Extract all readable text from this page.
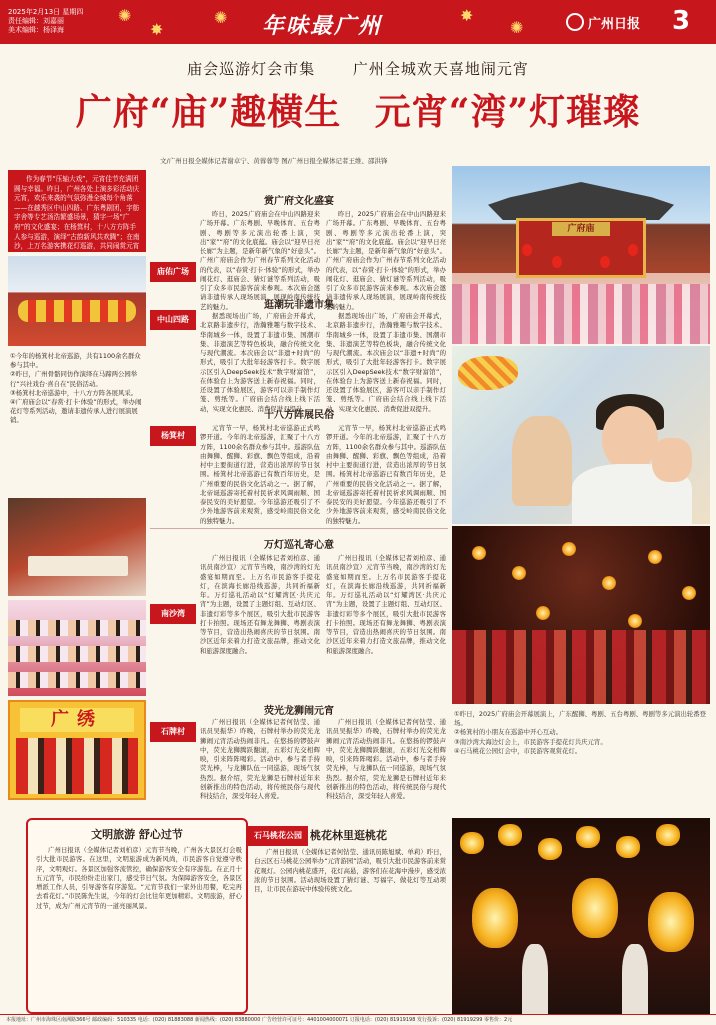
2025年2月13日 星期四
责任编辑：刘嘉丽
美术编辑：杨泽海
✺
✸
✺	✸
✺
年味最广州	广州日报 3
庙会巡游灯会市集	广州全城欢天喜地闹元宵
广府“庙”趣横生 元宵“湾”灯璀璨
文/广州日报全媒体记者谢卓宁、黄蓉蓉等 图/广州日报全媒体记者王维、邵洪锋
作为春节“压轴大戏”，元宵佳节充满团圆与幸福。昨日，广州各处上演多彩活动庆元宵，欢乐来袭的气氛弥漫全城每个角落——在越秀区中山四路、广东粤剧团，宇舫宇舍等专艺汤浩繁盛场景，猜字一场“广府”的文化盛宴；在杨箕村，十八方方阵手人参与巡游，演绎“古韵新风共欢腾”；在南沙，上万名游客携花灯巡游，共同闹赏元宵

①今年的杨箕村北帝巡游，共有1100余名群众参与其中。

②昨日，广州骨骼同仿作演绎在马蹄两公园举行“兴社戏台·喜自在”民俗活动。

③杨箕村北帝巡游中，十八方方阵各展风采。

④广府庙会以“春赏·打卡·体验”的形式，举办闹花灯等系列活动，邀请非遗传承人进行展演展销。

广绣
赏广府文化盛宴
庙佑广场

昨日，2025广府庙会在中山四路迎来广场开幕。广东粤剧、早晚体育、五台粤剧、粤剧等多元演出轮番上演，突出“家”“府”的文化底蕴。庙会以“迎早日亮长廊”为主题，是新年新气象的“好意头”。广州广府庙会作为广州春节系列文化活动的代表，以“春赏·打卡·体验”的形式，举办闹花灯、逛庙会、猜灯谜等系列活动，吸引了众多市民游客前来参观。本次庙会邀请非遗传承人现场展演，展现岭南传统技艺的魅力。

昨日，2025广府庙会在中山四路迎来广场开幕。广东粤剧、早晚体育、五台粤剧、粤剧等多元演出轮番上演，突出“家”“府”的文化底蕴。庙会以“迎早日亮长廊”为主题，是新年新气象的“好意头”。广州广府庙会作为广州春节系列文化活动的代表，以“春赏·打卡·体验”的形式，举办闹花灯、逛庙会、猜灯谜等系列活动，吸引了众多市民游客前来参观。本次庙会邀请非遗传承人现场展演，展现岭南传统技艺的魅力。

逛潮玩非遗市集
中山四路	据悉现场出广场，广府庙会开幕式，北京路非遗步行，浩瀚雅趣与数字技术、华南城乡一体，设置了非遗市集、国潮市集、非遗演艺等特色板块，融合传统文化与现代潮流。本次庙会以“非遗+时尚”的形式，吸引了大批年轻游客打卡。数字展示区引入DeepSeek技术“数字财富馆”，在体验台上为游客送上新春祝福。同时，还设置了体验展区，游客可以亲手制作灯笼、剪纸等。广府庙会结合线上线下活动，实现文化惠民、消费促进双提升。

据悉现场出广场，广府庙会开幕式，北京路非遗步行，浩瀚雅趣与数字技术、华南城乡一体，设置了非遗市集、国潮市集、非遗演艺等特色板块，融合传统文化与现代潮流。本次庙会以“非遗+时尚”的形式，吸引了大批年轻游客打卡。数字展示区引入DeepSeek技术“数字财富馆”，在体验台上为游客送上新春祝福。同时，还设置了体验展区，游客可以亲手制作灯笼、剪纸等。广府庙会结合线上线下活动，实现文化惠民、消费促进双提升。

十八方阵展民俗
杨箕村

元宵节一早，杨箕村北帝巡游正式鸣锣开道。今年的北帝巡游，汇聚了十八方方阵，1100余名群众参与其中。巡游队伍由舞狮、醒狮、彩旗、飘色等组成，沿着村中主要街道行进，营造出浓厚的节日氛围。杨箕村北帝巡游已有数百年历史，是广州重要的民俗文化活动之一。据了解，北帝诞巡游寄托着村民祈求风调雨顺、国泰民安的美好愿望。今年巡游还吸引了不少外地游客前来观赏，感受岭南民俗文化的独特魅力。

元宵节一早，杨箕村北帝巡游正式鸣锣开道。今年的北帝巡游，汇聚了十八方方阵，1100余名群众参与其中。巡游队伍由舞狮、醒狮、彩旗、飘色等组成，沿着村中主要街道行进，营造出浓厚的节日氛围。杨箕村北帝巡游已有数百年历史，是广州重要的民俗文化活动之一。据了解，北帝诞巡游寄托着村民祈求风调雨顺、国泰民安的美好愿望。今年巡游还吸引了不少外地游客前来观赏，感受岭南民俗文化的独特魅力。

万灯巡礼寄心意
南沙湾

广州日报讯（全媒体记者刘柏彦、通讯员南沙宣）元宵节当晚，南沙湾的灯光盛宴如期而至。上万名市民游客手提花灯，在滨海长廊沿线巡游，共同祈福新年。万灯巡礼活动以“灯耀湾区·共庆元宵”为主题，设置了主题灯组、互动灯区、非遗灯彩等多个展区，吸引大批市民游客打卡拍照。现场还有舞龙舞狮、粤剧表演等节目，营造出热闹喜庆的节日氛围。南沙区近年来着力打造文旅品牌，推动文化和旅游深度融合。

广州日报讯（全媒体记者刘柏彦、通讯员南沙宣）元宵节当晚，南沙湾的灯光盛宴如期而至。上万名市民游客手提花灯，在滨海长廊沿线巡游，共同祈福新年。万灯巡礼活动以“灯耀湾区·共庆元宵”为主题，设置了主题灯组、互动灯区、非遗灯彩等多个展区，吸引大批市民游客打卡拍照。现场还有舞龙舞狮、粤剧表演等节目，营造出热闹喜庆的节日氛围。南沙区近年来着力打造文旅品牌，推动文化和旅游深度融合。

荧光龙狮闹元宵
石牌村

广州日报讯（全媒体记者何钻莹、通讯员吴振华）昨晚，石牌村举办的荧光龙狮闹元宵活动热闹非凡。在悠扬的锣鼓声中，荧光龙狮腾跃翻滚，五彩灯光交相辉映，引来阵阵喝彩。活动中，参与者手持荧光棒，与龙狮队伍一同巡游，现场气氛热烈。据介绍，荧光龙狮是石牌村近年来创新推出的特色活动，将传统民俗与现代科技结合，深受年轻人喜爱。

广州日报讯（全媒体记者何钻莹、通讯员吴振华）昨晚，石牌村举办的荧光龙狮闹元宵活动热闹非凡。在悠扬的锣鼓声中，荧光龙狮腾跃翻滚，五彩灯光交相辉映，引来阵阵喝彩。活动中，参与者手持荧光棒，与龙狮队伍一同巡游，现场气氛热烈。据介绍，荧光龙狮是石牌村近年来创新推出的特色活动，将传统民俗与现代科技结合，深受年轻人喜爱。

文明旅游 舒心过节

广州日报讯（全媒体记者刘柏彦）元宵节当晚，广州各大景区灯会吸引大批市民游客。在这里，文明旅游成为新风尚，市民游客自觉遵守秩序，文明观灯。各景区加强客流管控，确保游客安全有序游览。在正月十五元宵节，市民纷纷走出家门，感受节日气氛。为保障游客安全，各景区增派工作人员，引导游客有序游览。“元宵节我们一家外出用餐，吃完再去看花灯。”市民陈先生说，今年的灯会比往年更加精彩。文明旅游，舒心过节，成为广州元宵节的一道亮丽风景。

石马桃花公园 桃花林里逛桃花

广州日报讯（全媒体记者何钻莹、通讯员陈旭斌、单莉）昨日，白云区石马桃花公园举办“元宵游园”活动，吸引大批市民游客前来赏花观灯。公园内桃花盛开，花灯高悬，游客们在花海中漫步，感受浓浓的节日氛围。活动现场设置了猜灯谜、写福字、做花灯等互动项目，让市民在游玩中体验传统文化。

广府庙

①昨日，2025广府庙会开幕展演上，广东醒狮、粤剧、五台粤剧、粤剧等多元演出轮番登场。

②杨箕村的小朋友在巡游中开心互动。

③南沙湾大海边灯会上，市民游客手提花灯共庆元宵。

④石马桃花公园灯会中，市民游客观赏花灯。

本报地址：广州市海珠区南洲路366号 邮政编码：510335 电话：(020) 81883088 新闻热线：(020) 83880000 广告经营许可证号：4401004000071 订报电话：(020) 81919198 发行投诉：(020) 81919299 零售价：2元
